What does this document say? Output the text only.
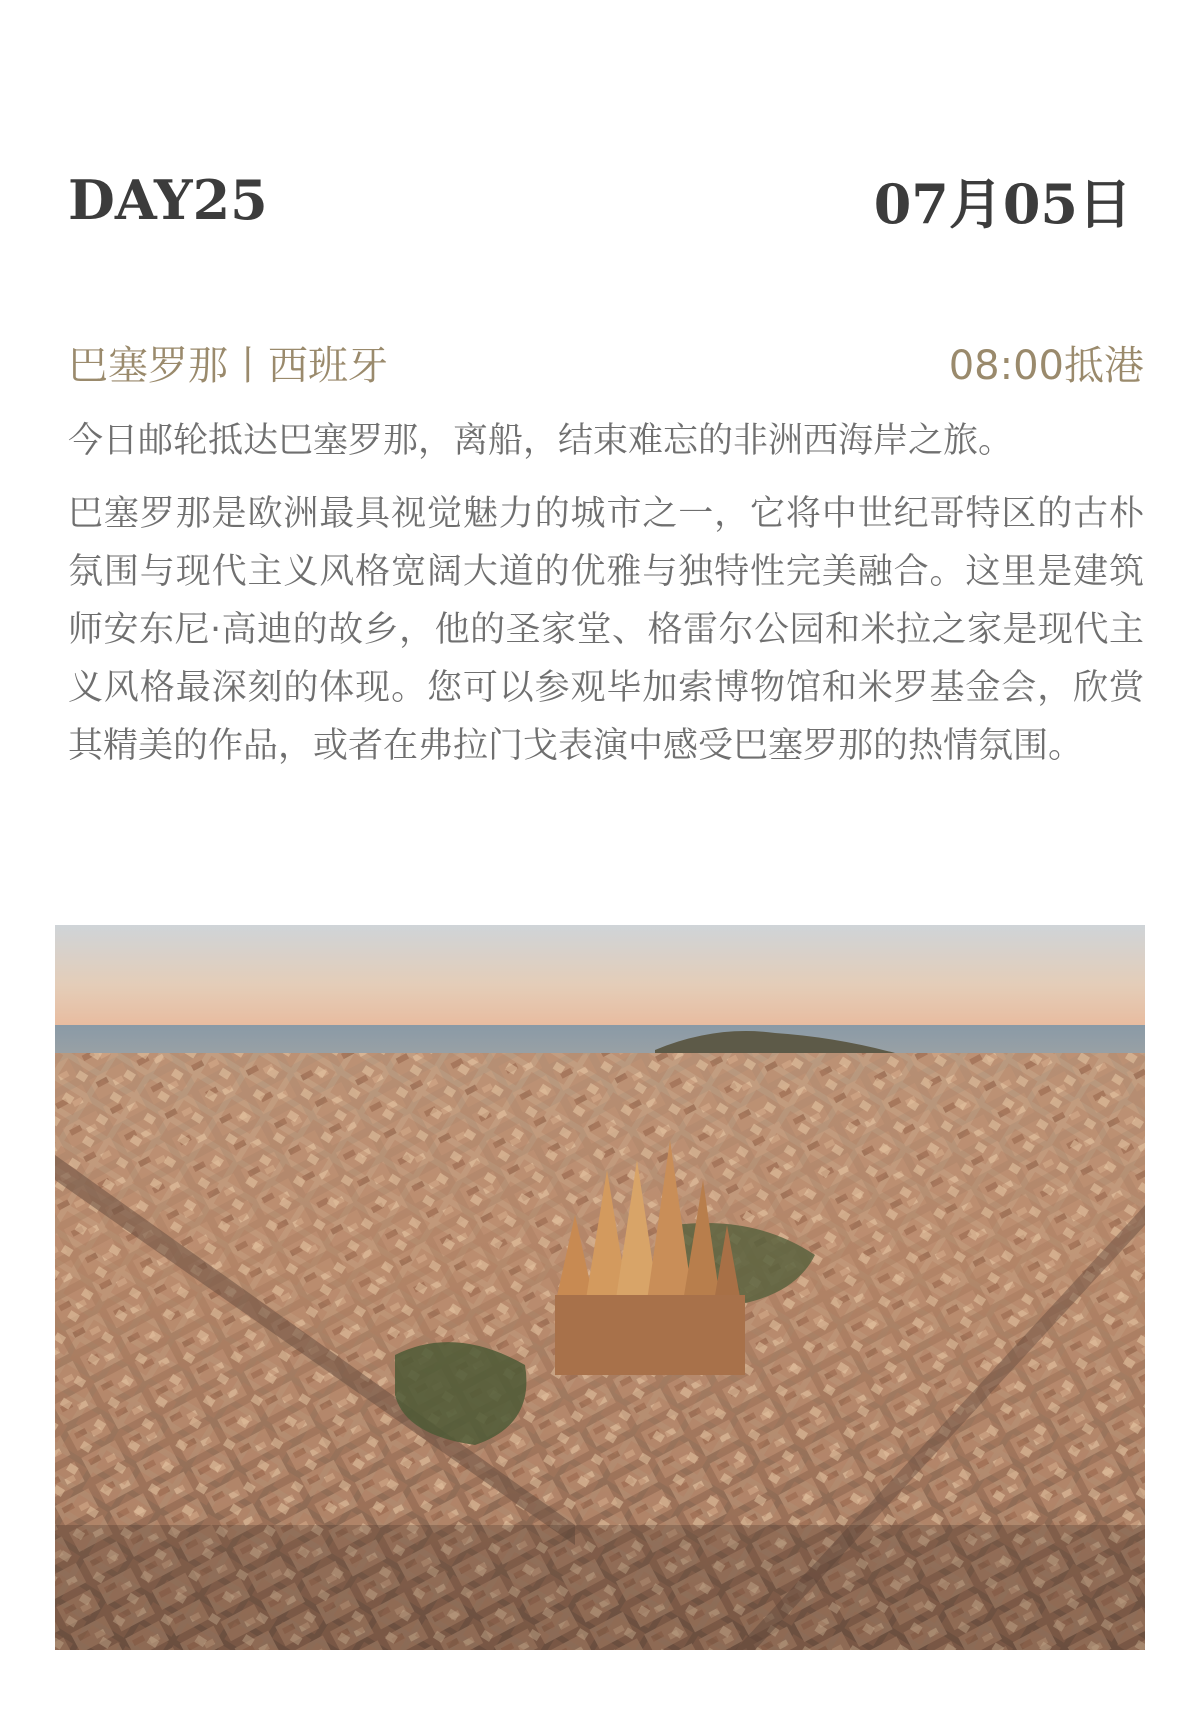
DAY25	07月05日
巴塞罗那丨西班牙	08:00抵港

今日邮轮抵达巴塞罗那，离船，结束难忘的非洲西海岸之旅。

巴塞罗那是欧洲最具视觉魅力的城市之一，它将中世纪哥特区的古朴氛围与现代主义风格宽阔大道的优雅与独特性完美融合。这里是建筑师安东尼·高迪的故乡，他的圣家堂、格雷尔公园和米拉之家是现代主义风格最深刻的体现。您可以参观毕加索博物馆和米罗基金会，欣赏其精美的作品，或者在弗拉门戈表演中感受巴塞罗那的热情氛围。
